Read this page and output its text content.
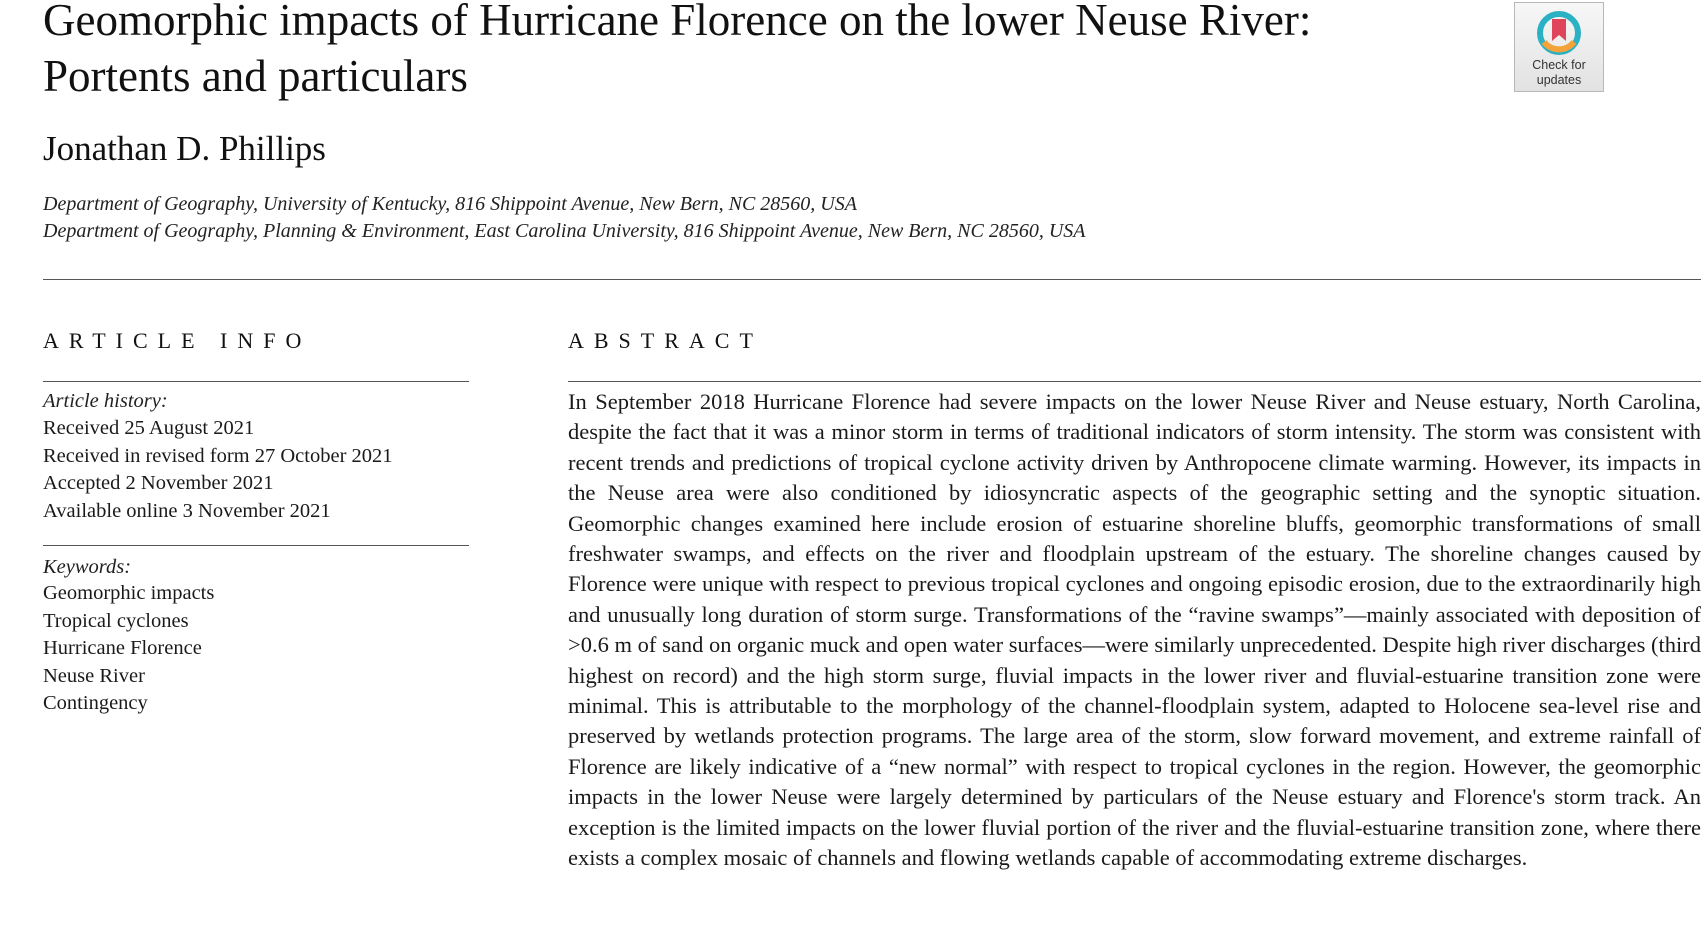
Geomorphic impacts of Hurricane Florence on the lower Neuse River: Portents and particulars	Check for
updates
Jonathan D. Phillips
Department of Geography, University of Kentucky, 816 Shippoint Avenue, New Bern, NC 28560, USA
Department of Geography, Planning & Environment, East Carolina University, 816 Shippoint Avenue, New Bern, NC 28560, USA
ARTICLE INFO	ABSTRACT
Article history:
Received 25 August 2021
Received in revised form 27 October 2021
Accepted 2 November 2021
Available online 3 November 2021
Keywords:
Geomorphic impacts
Tropical cyclones
Hurricane Florence
Neuse River
Contingency

In September 2018 Hurricane Florence had severe impacts on the lower Neuse River and Neuse estuary, North Carolina, despite the fact that it was a minor storm in terms of traditional indicators of storm intensity. The storm was consistent with recent trends and predictions of tropical cyclone activity driven by Anthropocene climate warming. However, its impacts in the Neuse area were also conditioned by idiosyncratic aspects of the geographic setting and the synoptic situation. Geomorphic changes examined here include erosion of estuarine shoreline bluffs, geomorphic transformations of small freshwater swamps, and effects on the river and floodplain upstream of the estuary. The shoreline changes caused by Florence were unique with respect to previous tropical cyclones and ongoing episodic erosion, due to the extraordinarily high and unusually long duration of storm surge. Transformations of the “ravine swamps”—mainly associated with deposition of >0.6 m of sand on organic muck and open water surfaces—were similarly unprecedented. Despite high river discharges (third highest on record) and the high storm surge, fluvial impacts in the lower river and fluvial-estuarine transition zone were minimal. This is attributable to the morphology of the channel-floodplain system, adapted to Holocene sea-level rise and preserved by wetlands protection programs. The large area of the storm, slow forward movement, and extreme rainfall of Florence are likely indicative of a “new normal” with respect to tropical cyclones in the region. However, the geomorphic impacts in the lower Neuse were largely determined by particulars of the Neuse estuary and Florence's storm track. An exception is the limited impacts on the lower fluvial portion of the river and the fluvial-estuarine transition zone, where there exists a complex mosaic of channels and flowing wetlands capable of accommodating extreme discharges.
